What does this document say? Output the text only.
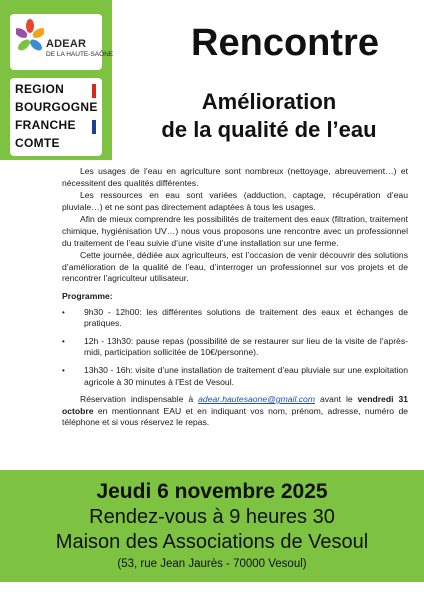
ADEAR
DE LA HAUTE-SAÔNE
REGION
BOURGOGNE
FRANCHE
COMTE
Rencontre
Amélioration
de la qualité de l’eau

Les usages de l’eau en agriculture sont nombreux (nettoyage, abreuvement…) et nécessitent des qualités différentes.

Les ressources en eau sont variées (adduction, captage, récupération d’eau pluviale…) et ne sont pas directement adaptées à tous les usages.

Afin de mieux comprendre les possibilités de traitement des eaux (filtration, traitement chimique, hygiénisation UV…) nous vous proposons une rencontre avec un professionnel du traitement de l’eau suivie d’une visite d’une installation sur une ferme.

Cette journée, dédiée aux agriculteurs, est l’occasion de venir découvrir des solutions d’amélioration de la qualité de l’eau, d’interroger un professionnel sur vos projets et de rencontrer l’agriculteur utilisateur.

Programme:
• 9h30 - 12h00: les différentes solutions de traitement des eaux et échanges de pratiques.
• 12h - 13h30: pause repas (possibilité de se restaurer sur lieu de la visite de l’après-midi, participation sollicitée de 10€/personne).
• 13h30 - 16h: visite d’une installation de traitement d’eau pluviale sur une exploitation agricole à 30 minutes à l’Est de Vesoul.

Réservation indispensable à adear.hautesaone@gmail.com avant le vendredi 31 octobre en mentionnant EAU et en indiquant vos nom, prénom, adresse, numéro de téléphone et si vous réservez le repas.

Jeudi 6 novembre 2025
Rendez-vous à 9 heures 30
Maison des Associations de Vesoul
(53, rue Jean Jaurès - 70000 Vesoul)
